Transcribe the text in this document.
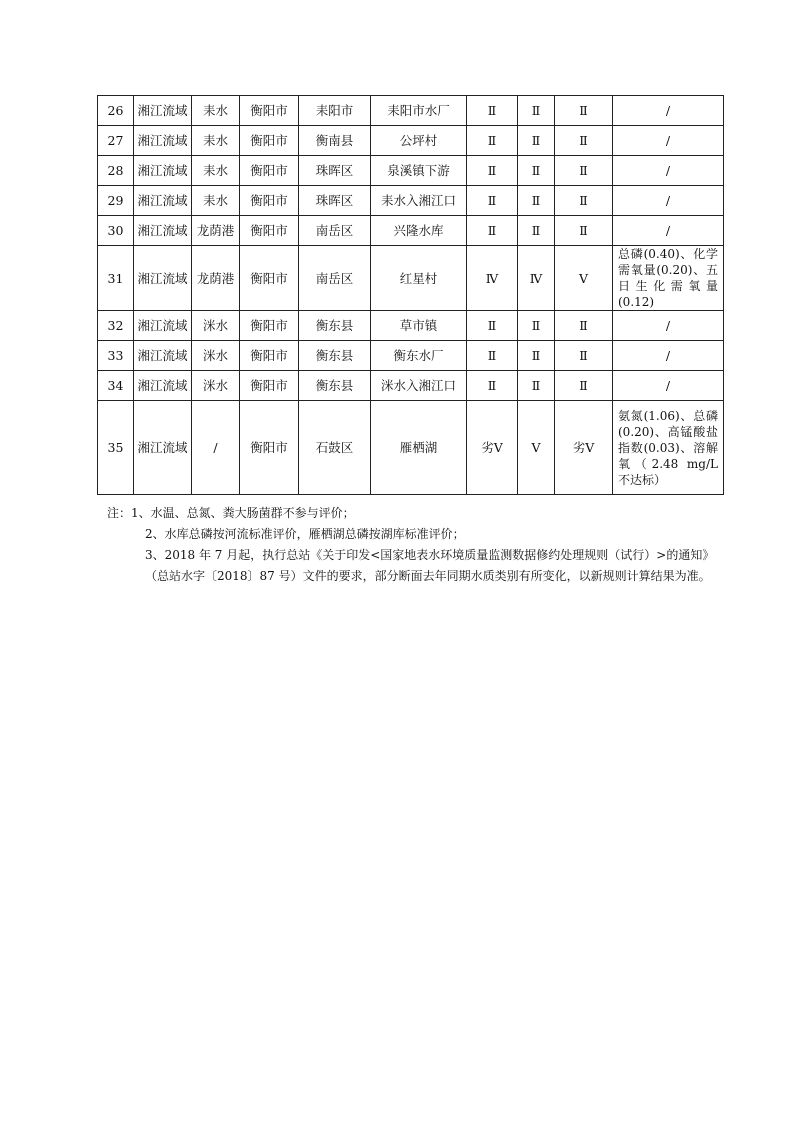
26	湘江流域	耒水	衡阳市	耒阳市	耒阳市水厂	Ⅱ	Ⅱ	Ⅱ	/
27	湘江流域	耒水	衡阳市	衡南县	公坪村	Ⅱ	Ⅱ	Ⅱ	/
28	湘江流域	耒水	衡阳市	珠晖区	泉溪镇下游	Ⅱ	Ⅱ	Ⅱ	/
29	湘江流域	耒水	衡阳市	珠晖区	耒水入湘江口	Ⅱ	Ⅱ	Ⅱ	/
30	湘江流域	龙荫港	衡阳市	南岳区	兴隆水库	Ⅱ	Ⅱ	Ⅱ	/
31	湘江流域	龙荫港	衡阳市	南岳区	红星村	Ⅳ	Ⅳ	Ⅴ	总磷(0.40)、化学需氧量(0.20)、五日生化需氧量(0.12)
32	湘江流域	洣水	衡阳市	衡东县	草市镇	Ⅱ	Ⅱ	Ⅱ	/
33	湘江流域	洣水	衡阳市	衡东县	衡东水厂	Ⅱ	Ⅱ	Ⅱ	/
34	湘江流域	洣水	衡阳市	衡东县	洣水入湘江口	Ⅱ	Ⅱ	Ⅱ	/
35	湘江流域	/	衡阳市	石鼓区	雁栖湖	劣Ⅴ	Ⅴ	劣Ⅴ	氨氮(1.06)、总磷(0.20)、高锰酸盐指数(0.03)、溶解氧（2.48 mg/L 不达标）

注：1、水温、总氮、粪大肠菌群不参与评价；

2、水库总磷按河流标准评价，雁栖湖总磷按湖库标准评价；

3、2018 年 7 月起，执行总站《关于印发<国家地表水环境质量监测数据修约处理规则（试行）>的通知》（总站水字〔2018〕87 号）文件的要求，部分断面去年同期水质类别有所变化，以新规则计算结果为准。
